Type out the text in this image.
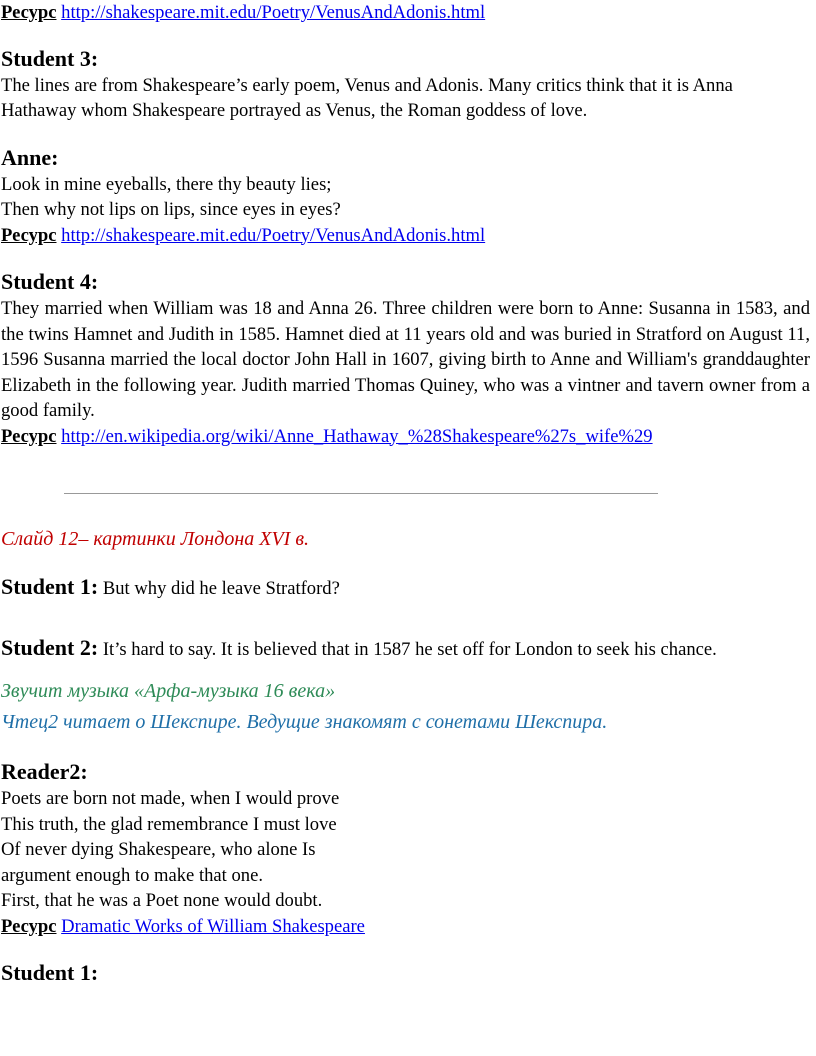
Ресурс http://shakespeare.mit.edu/Poetry/VenusAndAdonis.html

Student 3:

The lines are from Shakespeare’s early poem, Venus and Adonis. Many critics think that it is Anna Hathaway whom Shakespeare portrayed as Venus, the Roman goddess of love.

Anne:
Look in mine eyeballs, there thy beauty lies;
Then why not lips on lips, since eyes in eyes?

Ресурс http://shakespeare.mit.edu/Poetry/VenusAndAdonis.html

Student 4:

They married when William was 18 and Anna 26. Three children were born to Anne: Susanna in 1583, and the twins Hamnet and Judith in 1585. Hamnet died at 11 years old and was buried in Stratford on August 11, 1596 Susanna married the local doctor John Hall in 1607, giving birth to Anne and William's granddaughter Elizabeth in the following year. Judith married Thomas Quiney, who was a vintner and tavern owner from a good family.

Ресурс http://en.wikipedia.org/wiki/Anne_Hathaway_%28Shakespeare%27s_wife%29

Слайд 12– картинки Лондона XVI в.

Student 1: But why did he leave Stratford?

Student 2: It’s hard to say. It is believed that in 1587 he set off for London to seek his chance.

Звучит музыка «Арфа-музыка 16 века»

Чтец2 читает о Шекспире. Ведущие знакомят с сонетами Шекспира.

Reader2:
Poets are born not made, when I would prove
This truth, the glad remembrance I must love
Of never dying Shakespeare, who alone Is
argument enough to make that one.
First, that he was a Poet none would doubt.

Ресурс Dramatic Works of William Shakespeare

Student 1:
